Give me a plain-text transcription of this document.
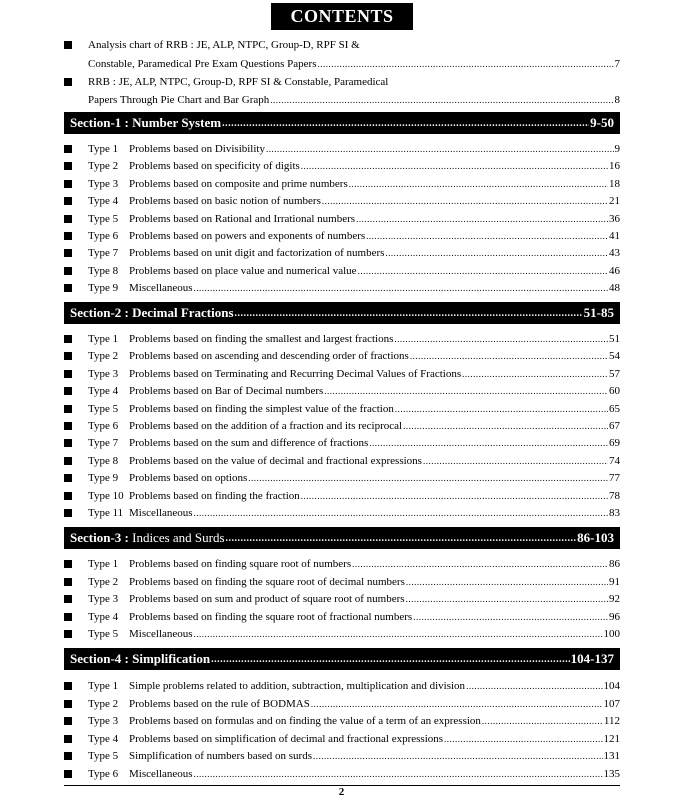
CONTENTS
Analysis chart of RRB : JE, ALP, NTPC, Group-D, RPF SI &
Constable, Paramedical Pre Exam Questions Papers .....	7
RRB : JE, ALP, NTPC, Group-D, RPF SI & Constable, Paramedical
Papers Through Pie Chart and Bar Graph .....	8
Section-1 : Number System .....	9-50
Type 1 Problems based on Divisibility .....	9
Type 2 Problems based on specificity of digits .....	16
Type 3 Problems based on composite and prime numbers .....	18
Type 4 Problems based on basic notion of numbers .....	21
Type 5 Problems based on Rational and Irrational numbers .....	36
Type 6 Problems based on powers and exponents of numbers .....	41
Type 7 Problems based on unit digit and factorization of numbers .....	43
Type 8 Problems based on place value and numerical value .....	46
Type 9 Miscellaneous .....	48
Section-2 : Decimal Fractions .....	51-85
Type 1 Problems based on finding the smallest and largest fractions .....	51
Type 2 Problems based on ascending and descending order of fractions .....	54
Type 3 Problems based on Terminating and Recurring Decimal Values of Fractions .....	57
Type 4 Problems based on Bar of Decimal numbers .....	60
Type 5 Problems based on finding the simplest value of the fraction .....	65
Type 6 Problems based on the addition of a fraction and its reciprocal .....	67
Type 7 Problems based on the sum and difference of fractions .....	69
Type 8 Problems based on the value of decimal and fractional expressions .....	74
Type 9 Problems based on options .....	77
Type 10 Problems based on finding the fraction .....	78
Type 11 Miscellaneous .....	83
Section-3 : Indices and Surds .....	86-103
Type 1 Problems based on finding square root of numbers .....	86
Type 2 Problems based on finding the square root of decimal numbers .....	91
Type 3 Problems based on sum and product of square root of numbers .....	92
Type 4 Problems based on finding the square root of fractional numbers .....	96
Type 5 Miscellaneous .....	100
Section-4 : Simplification .....	104-137
Type 1 Simple problems related to addition, subtraction, multiplication and division .....	104
Type 2 Problems based on the rule of BODMAS .....	107
Type 3 Problems based on formulas and on finding the value of a term of an expression .....	112
Type 4 Problems based on simplification of decimal and fractional expressions .....	121
Type 5 Simplification of numbers based on surds .....	131
Type 6 Miscellaneous .....	135
2
